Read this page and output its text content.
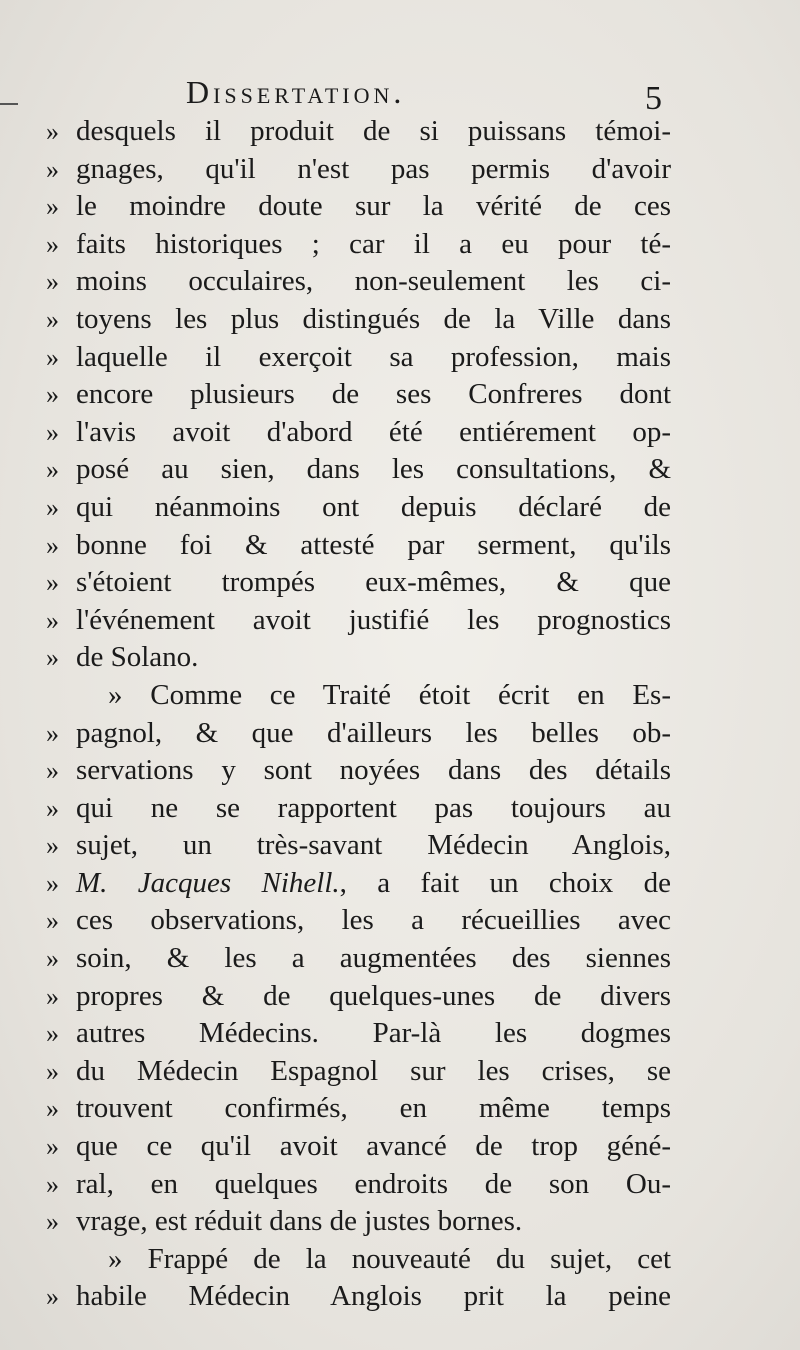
Dissertation.	5
» desquels il produit de si puissans témoi-
» gnages, qu'il n'est pas permis d'avoir
» le moindre doute sur la vérité de ces
» faits historiques ; car il a eu pour té-
» moins occulaires, non-seulement les ci-
» toyens les plus distingués de la Ville dans
» laquelle il exerçoit sa profession, mais
» encore plusieurs de ses Confreres dont
» l'avis avoit d'abord été entiérement op-
» posé au sien, dans les consultations, &
» qui néanmoins ont depuis déclaré de
» bonne foi & attesté par serment, qu'ils
» s'étoient trompés eux-mêmes, & que
» l'événement avoit justifié les prognostics
» de Solano.
» Comme ce Traité étoit écrit en Es-
» pagnol, & que d'ailleurs les belles ob-
» servations y sont noyées dans des détails
» qui ne se rapportent pas toujours au
» sujet, un très-savant Médecin Anglois,
» M. Jacques Nihell., a fait un choix de
» ces observations, les a récueillies avec
» soin, & les a augmentées des siennes
» propres & de quelques-unes de divers
» autres Médecins. Par-là les dogmes
» du Médecin Espagnol sur les crises, se
» trouvent confirmés, en même temps
» que ce qu'il avoit avancé de trop géné-
» ral, en quelques endroits de son Ou-
» vrage, est réduit dans de justes bornes.
» Frappé de la nouveauté du sujet, cet
» habile Médecin Anglois prit la peine
